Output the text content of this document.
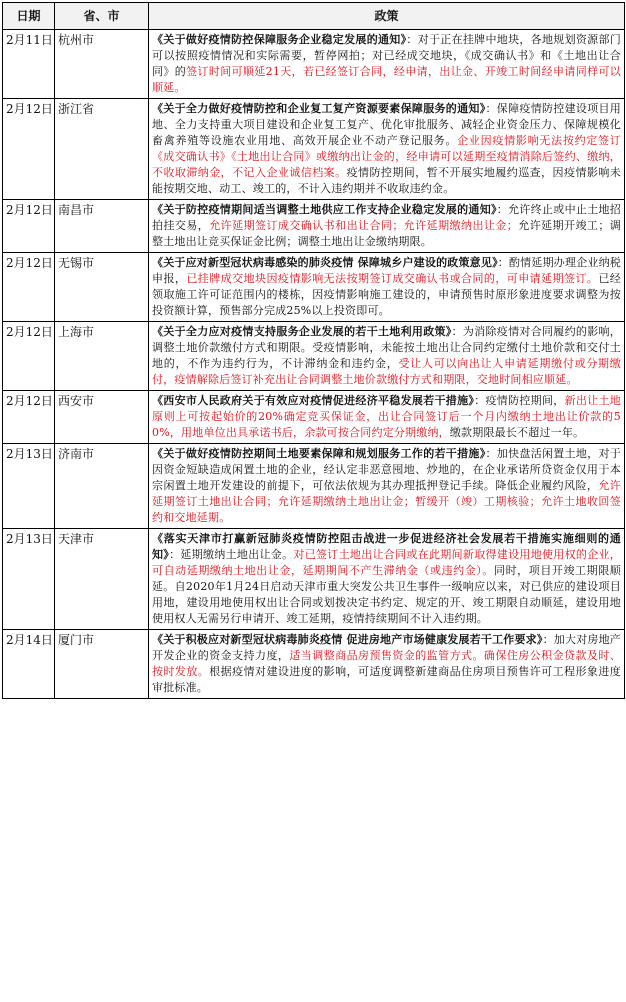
日期	省、市	政策
2月11日	杭州市	《关于做好疫情防控保障服务企业稳定发展的通知》：对于正在挂牌中地块，各地规划资源部门可以按照疫情情况和实际需要，暂停网拍；对已经成交地块，《成交确认书》和《土地出让合同》的签订时间可顺延21天，若已经签订合同，经申请，出让金、开竣工时间经申请同样可以顺延。
2月12日	浙江省	《关于全力做好疫情防控和企业复工复产资源要素保障服务的通知》：保障疫情防控建设项目用地、全力支持重大项目建设和企业复工复产、优化审批服务、减轻企业资金压力、保障规模化畜禽养殖等设施农业用地、高效开展企业不动产登记服务。企业因疫情影响无法按约定签订《成交确认书》《土地出让合同》或缴纳出让金的，经申请可以延期至疫情消除后签约、缴纳，不收取滞纳金，不记入企业诚信档案。疫情防控期间，暂不开展实地履约巡查，因疫情影响未能按期交地、动工、竣工的，不计入违约期并不收取违约金。
2月12日	南昌市	《关于防控疫情期间适当调整土地供应工作支持企业稳定发展的通知》：允许终止或中止土地招拍挂交易，允许延期签订成交确认书和出让合同；允许延期缴纳出让金；允许延期开竣工；调整土地出让竞买保证金比例；调整土地出让金缴纳期限。
2月12日	无锡市	《关于应对新型冠状病毒感染的肺炎疫情 保障城乡户建设的政策意见》：酌情延期办理企业纳税申报，已挂牌成交地块因疫情影响无法按期签订成交确认书或合同的，可申请延期签订。已经领取施工许可证范围内的楼栋，因疫情影响施工建设的，申请预售时原形象进度要求调整为按投资额计算，预售部分完成25%以上投资即可。
2月12日	上海市	《关于全力应对疫情支持服务企业发展的若干土地利用政策》：为消除疫情对合同履约的影响，调整土地价款缴付方式和期限。受疫情影响，未能按土地出让合同约定缴付土地价款和交付土地的，不作为违约行为，不计滞纳金和违约金，受让人可以向出让人申请延期缴付或分期缴付，疫情解除后签订补充出让合同调整土地价款缴付方式和期限，交地时间相应顺延。
2月12日	西安市	《西安市人民政府关于有效应对疫情促进经济平稳发展若干措施》：疫情防控期间，新出让土地原则上可按起始价的20%确定竞买保证金，出让合同签订后一个月内缴纳土地出让价款的50%，用地单位出具承诺书后，余款可按合同约定分期缴纳，缴款期限最长不超过一年。
2月13日	济南市	《关于做好疫情防控期间土地要素保障和规划服务工作的若干措施》：加快盘活闲置土地，对于因资金短缺造成闲置土地的企业，经认定非恶意囤地、炒地的，在企业承诺所贷资金仅用于本宗闲置土地开发建设的前提下，可依法依规为其办理抵押登记手续。降低企业履约风险，允许延期签订土地出让合同；允许延期缴纳土地出让金；暂缓开（竣）工期核验；允许土地收回签约和交地延期。
2月13日	天津市	《落实天津市打赢新冠肺炎疫情防控阻击战进一步促进经济社会发展若干措施实施细则的通知》：延期缴纳土地出让金。对已签订土地出让合同或在此期间新取得建设用地使用权的企业，可自动延期缴纳土地出让金，延期期间不产生滞纳金（或违约金）。同时，项目开竣工期限顺延。自2020年1月24日启动天津市重大突发公共卫生事件一级响应以来，对已供应的建设项目用地，建设用地使用权出让合同或划拨决定书约定、规定的开、竣工期限自动顺延，建设用地使用权人无需另行申请开、竣工延期，疫情持续期间不计入违约期。
2月14日	厦门市	《关于积极应对新型冠状病毒肺炎疫情 促进房地产市场健康发展若干工作要求》：加大对房地产开发企业的资金支持力度，适当调整商品房预售资金的监管方式。确保住房公积金贷款及时、按时发放。根据疫情对建设进度的影响，可适度调整新建商品住房项目预售许可工程形象进度审批标准。
